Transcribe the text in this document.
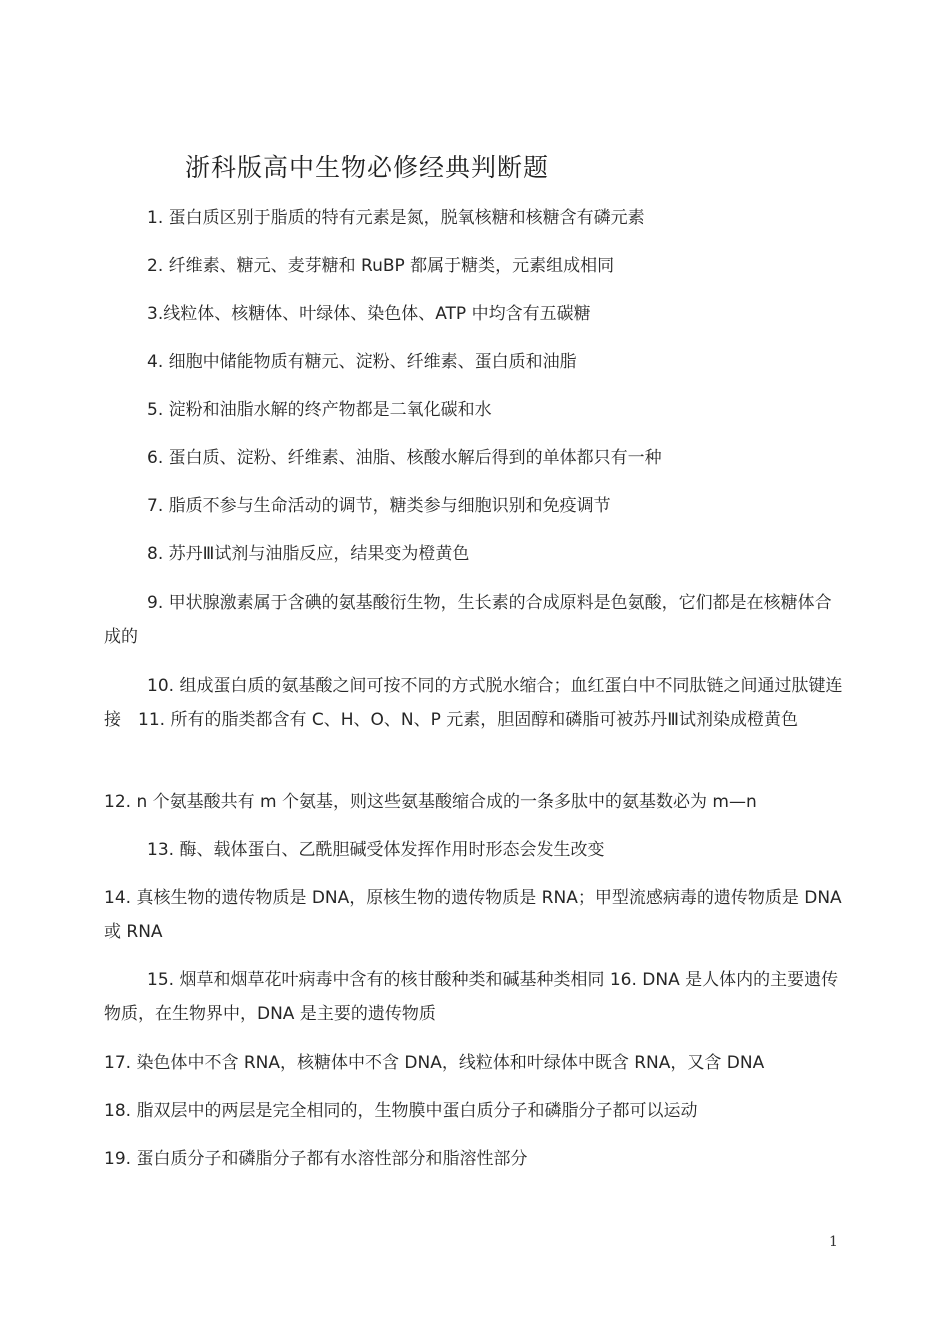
浙科版高中生物必修经典判断题

1. 蛋白质区别于脂质的特有元素是氮，脱氧核糖和核糖含有磷元素

2. 纤维素、糖元、麦芽糖和 RuBP 都属于糖类，元素组成相同

3.线粒体、核糖体、叶绿体、染色体、ATP 中均含有五碳糖

4. 细胞中储能物质有糖元、淀粉、纤维素、蛋白质和油脂

5. 淀粉和油脂水解的终产物都是二氧化碳和水

6. 蛋白质、淀粉、纤维素、油脂、核酸水解后得到的单体都只有一种

7. 脂质不参与生命活动的调节，糖类参与细胞识别和免疫调节

8. 苏丹Ⅲ试剂与油脂反应，结果变为橙黄色

9. 甲状腺激素属于含碘的氨基酸衍生物，生长素的合成原料是色氨酸，它们都是在核糖体合成的

10. 组成蛋白质的氨基酸之间可按不同的方式脱水缩合；血红蛋白中不同肽链之间通过肽键连接　11. 所有的脂类都含有 C、H、O、N、P 元素，胆固醇和磷脂可被苏丹Ⅲ试剂染成橙黄色

12. n 个氨基酸共有 m 个氨基，则这些氨基酸缩合成的一条多肽中的氨基数必为 m—n

13. 酶、载体蛋白、乙酰胆碱受体发挥作用时形态会发生改变

14. 真核生物的遗传物质是 DNA，原核生物的遗传物质是 RNA；甲型流感病毒的遗传物质是 DNA 或 RNA

15. 烟草和烟草花叶病毒中含有的核甘酸种类和碱基种类相同 16. DNA 是人体内的主要遗传物质，在生物界中，DNA 是主要的遗传物质

17. 染色体中不含 RNA，核糖体中不含 DNA，线粒体和叶绿体中既含 RNA，又含 DNA

18. 脂双层中的两层是完全相同的，生物膜中蛋白质分子和磷脂分子都可以运动

19. 蛋白质分子和磷脂分子都有水溶性部分和脂溶性部分

1
